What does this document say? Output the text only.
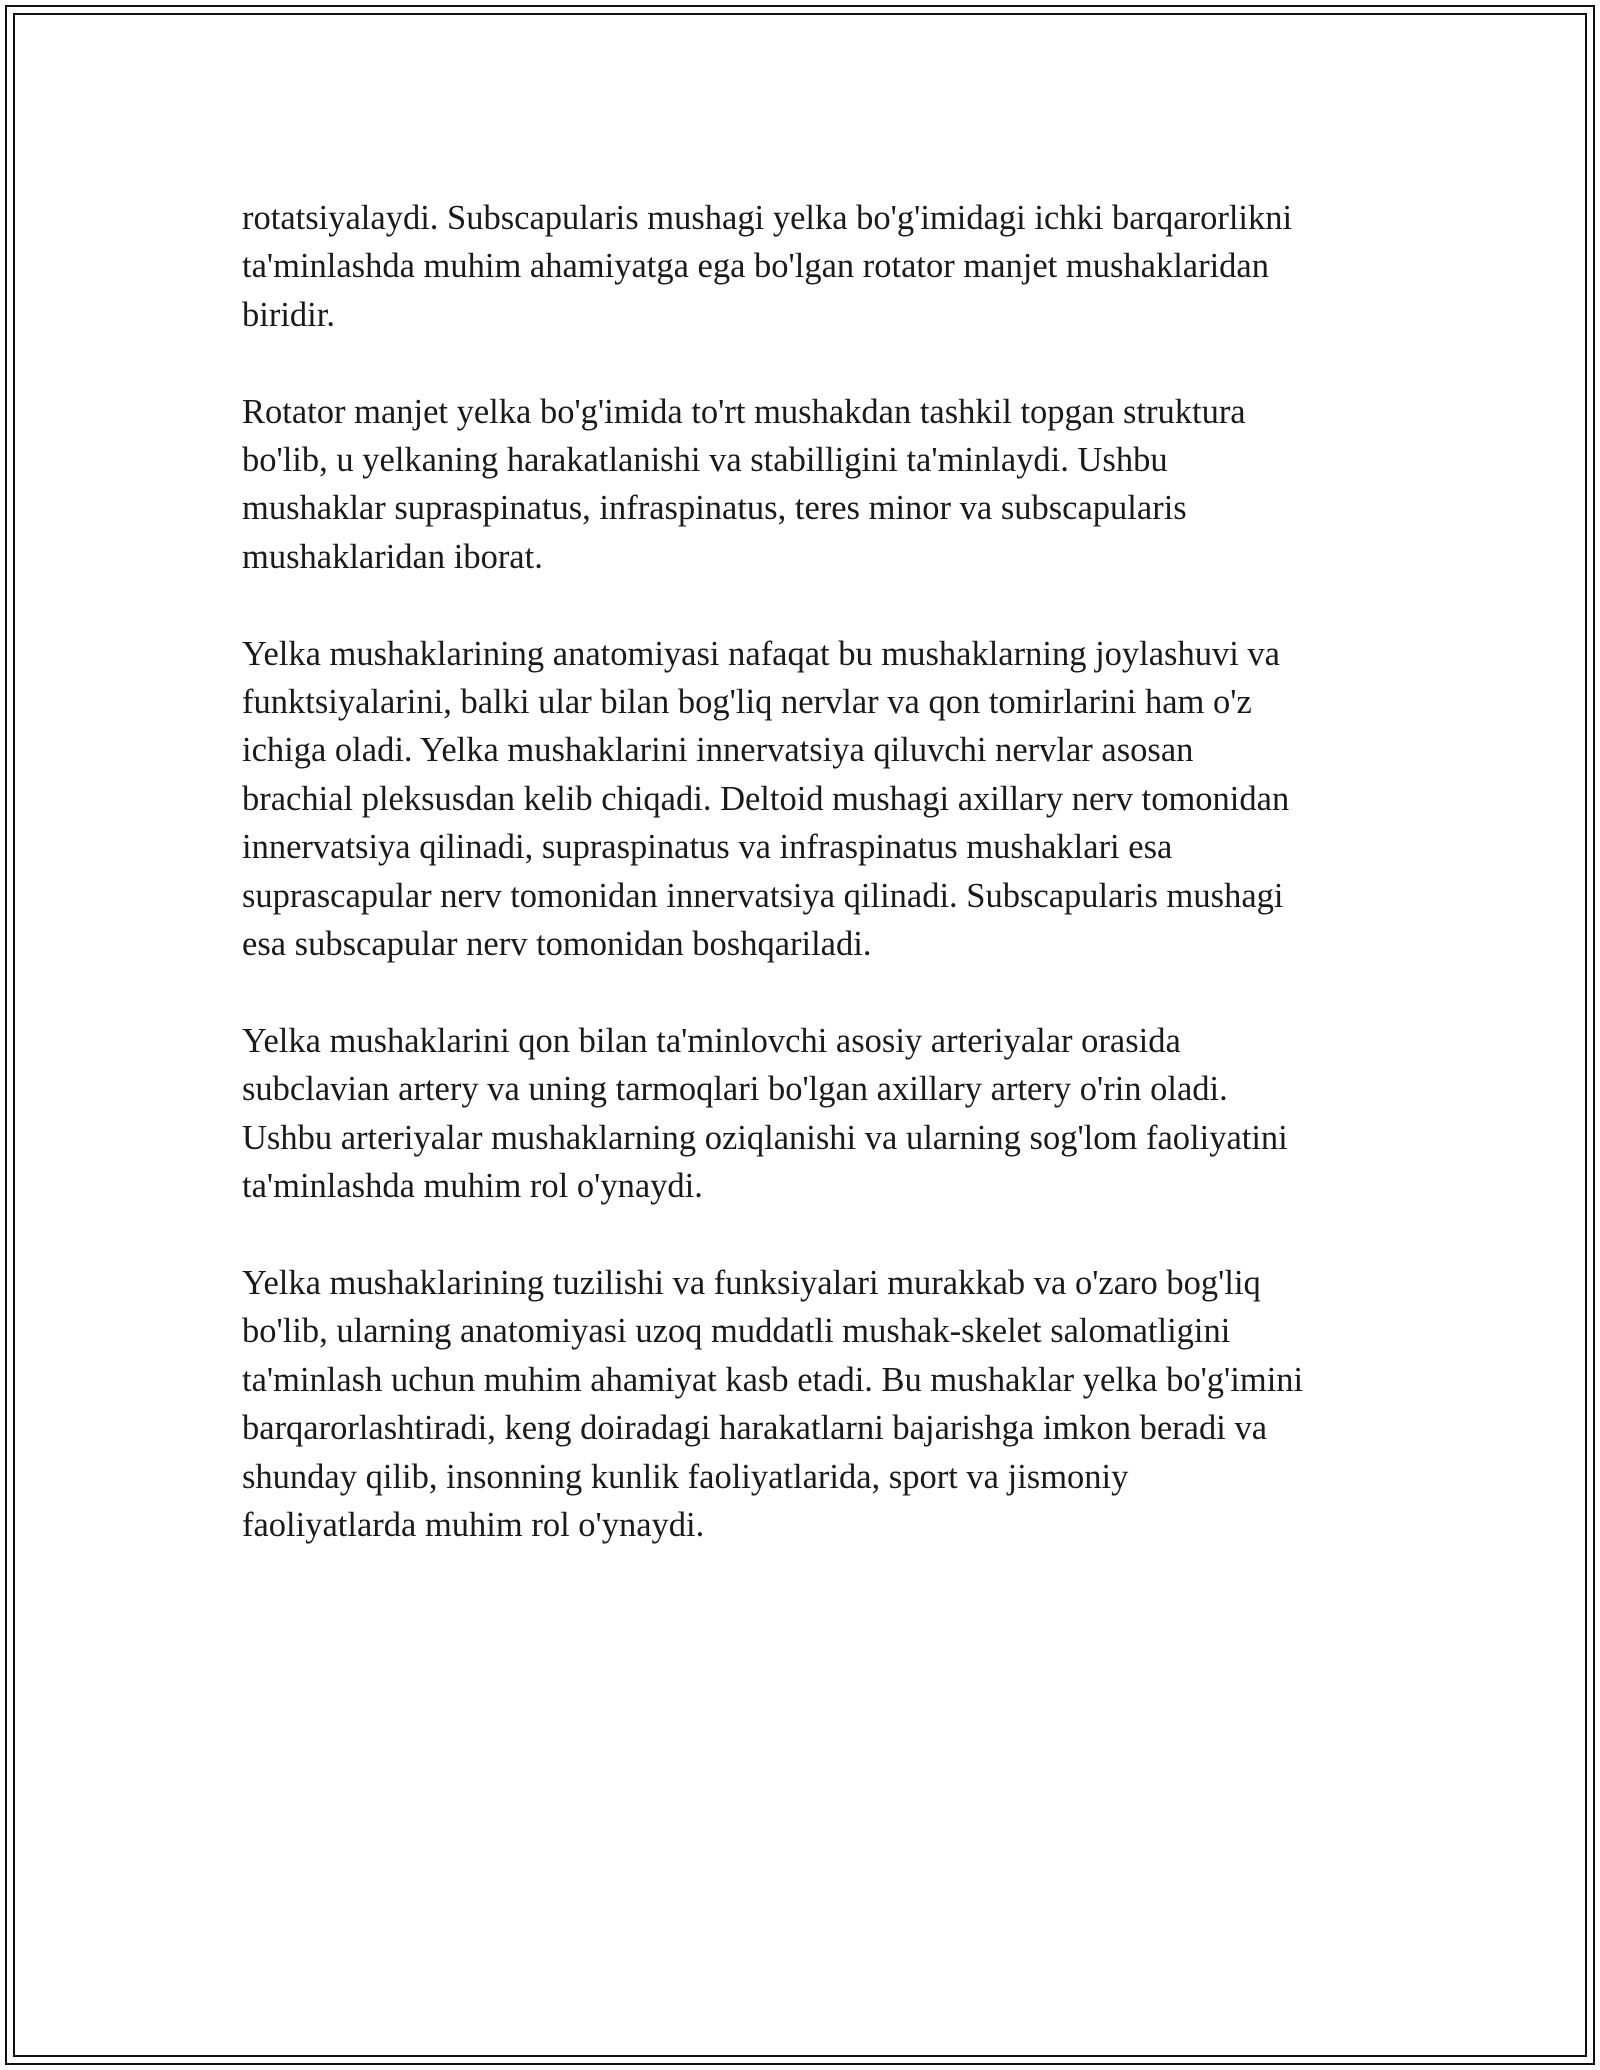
rotatsiyalaydi. Subscapularis mushagi yelka bo'g'imidagi ichki barqarorlikni
ta'minlashda muhim ahamiyatga ega bo'lgan rotator manjet mushaklaridan
biridir.

Rotator manjet yelka bo'g'imida to'rt mushakdan tashkil topgan struktura
bo'lib, u yelkaning harakatlanishi va stabilligini ta'minlaydi. Ushbu
mushaklar supraspinatus, infraspinatus, teres minor va subscapularis
mushaklaridan iborat.

Yelka mushaklarining anatomiyasi nafaqat bu mushaklarning joylashuvi va
funktsiyalarini, balki ular bilan bog'liq nervlar va qon tomirlarini ham o'z
ichiga oladi. Yelka mushaklarini innervatsiya qiluvchi nervlar asosan
brachial pleksusdan kelib chiqadi. Deltoid mushagi axillary nerv tomonidan
innervatsiya qilinadi, supraspinatus va infraspinatus mushaklari esa
suprascapular nerv tomonidan innervatsiya qilinadi. Subscapularis mushagi
esa subscapular nerv tomonidan boshqariladi.

Yelka mushaklarini qon bilan ta'minlovchi asosiy arteriyalar orasida
subclavian artery va uning tarmoqlari bo'lgan axillary artery o'rin oladi.
Ushbu arteriyalar mushaklarning oziqlanishi va ularning sog'lom faoliyatini
ta'minlashda muhim rol o'ynaydi.

Yelka mushaklarining tuzilishi va funksiyalari murakkab va o'zaro bog'liq
bo'lib, ularning anatomiyasi uzoq muddatli mushak-skelet salomatligini
ta'minlash uchun muhim ahamiyat kasb etadi. Bu mushaklar yelka bo'g'imini
barqarorlashtiradi, keng doiradagi harakatlarni bajarishga imkon beradi va
shunday qilib, insonning kunlik faoliyatlarida, sport va jismoniy
faoliyatlarda muhim rol o'ynaydi.
